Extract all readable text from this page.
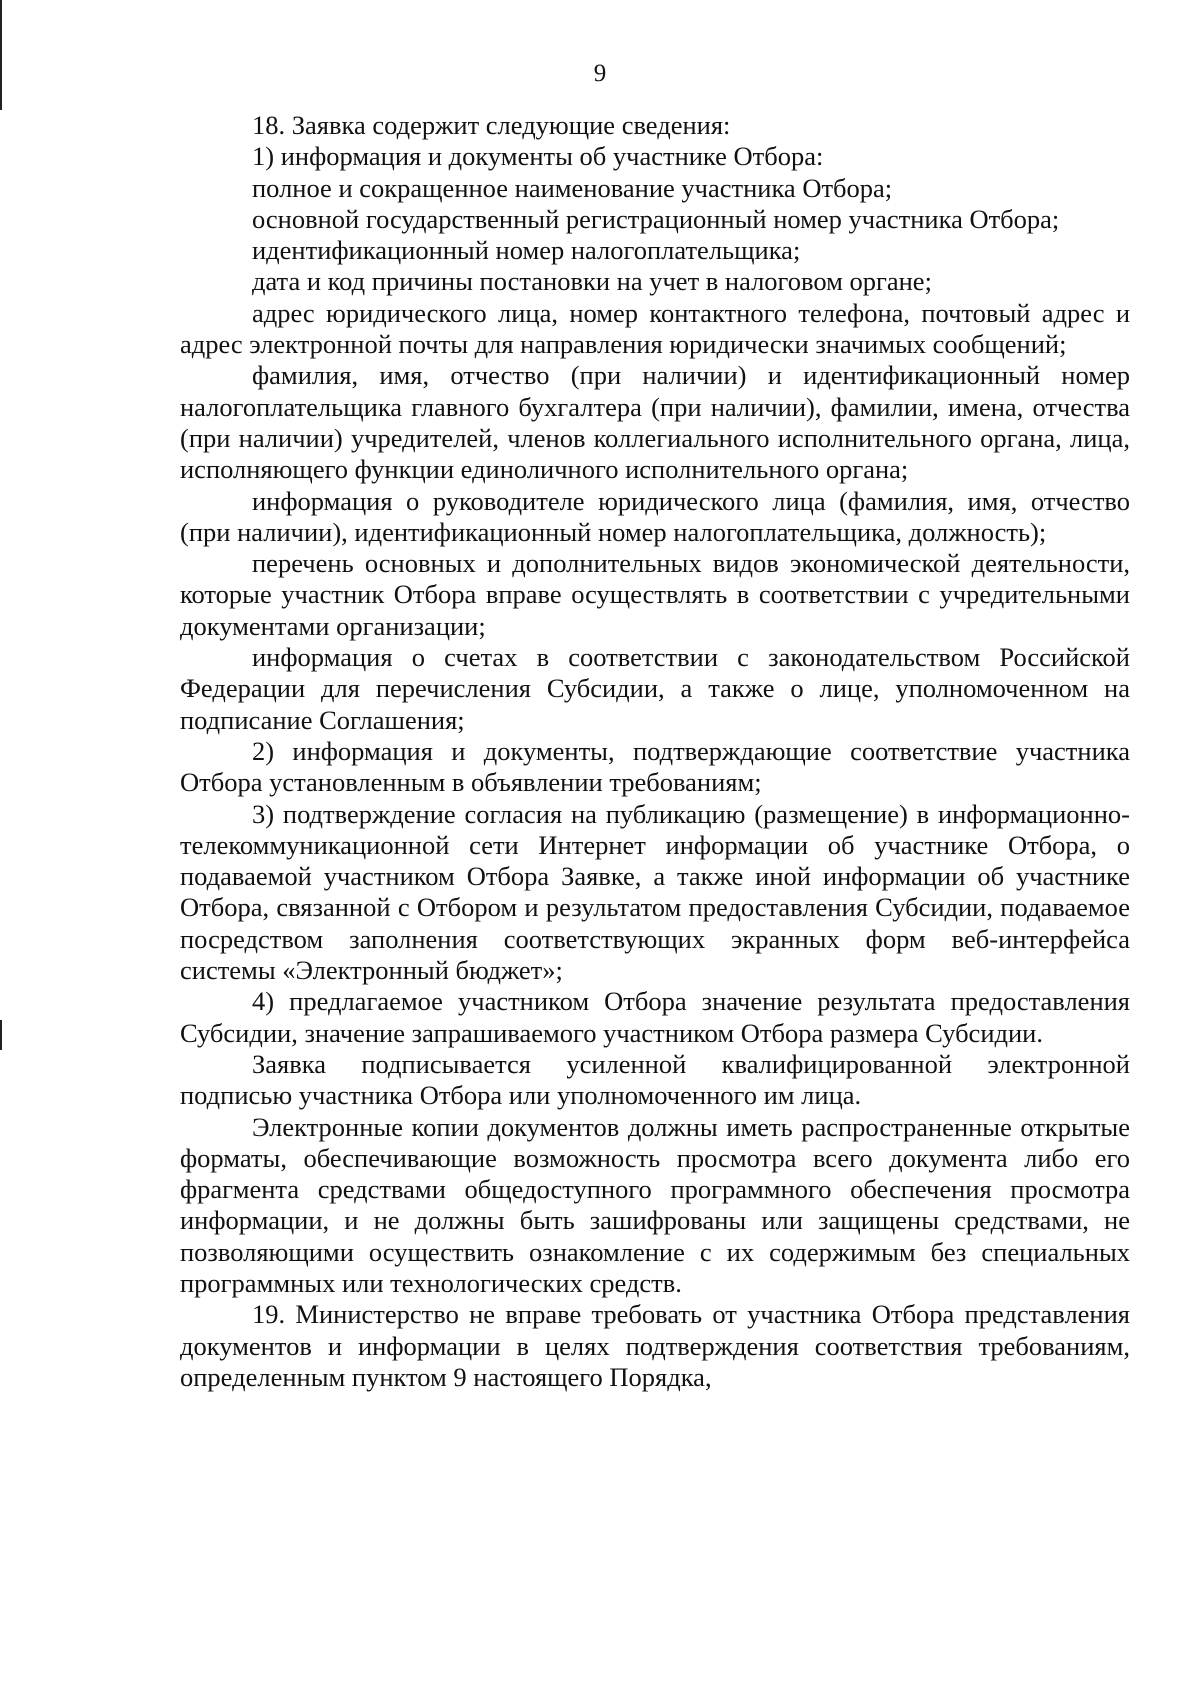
9

18. Заявка содержит следующие сведения:

1) информация и документы об участнике Отбора:

полное и сокращенное наименование участника Отбора;

основной государственный регистрационный номер участника Отбора;

идентификационный номер налогоплательщика;

дата и код причины постановки на учет в налоговом органе;

адрес юридического лица, номер контактного телефона, почтовый адрес и адрес электронной почты для направления юридически значимых сообщений;

фамилия, имя, отчество (при наличии) и идентификационный номер налогоплательщика главного бухгалтера (при наличии), фамилии, имена, отчества (при наличии) учредителей, членов коллегиального исполнительного органа, лица, исполняющего функции единоличного исполнительного органа;

информация о руководителе юридического лица (фамилия, имя, отчество (при наличии), идентификационный номер налогоплательщика, должность);

перечень основных и дополнительных видов экономической деятельности, которые участник Отбора вправе осуществлять в соответствии с учредительными документами организации;

информация о счетах в соответствии с законодательством Российской Федерации для перечисления Субсидии, а также о лице, уполномоченном на подписание Соглашения;

2) информация и документы, подтверждающие соответствие участника Отбора установленным в объявлении требованиям;

3) подтверждение согласия на публикацию (размещение) в информационно-телекоммуникационной сети Интернет информации об участнике Отбора, о подаваемой участником Отбора Заявке, а также иной информации об участнике Отбора, связанной с Отбором и результатом предоставления Субсидии, подаваемое посредством заполнения соответствующих экранных форм веб-интерфейса системы «Электронный бюджет»;

4) предлагаемое участником Отбора значение результата предоставления Субсидии, значение запрашиваемого участником Отбора размера Субсидии.

Заявка подписывается усиленной квалифицированной электронной подписью участника Отбора или уполномоченного им лица.

Электронные копии документов должны иметь распространенные открытые форматы, обеспечивающие возможность просмотра всего документа либо его фрагмента средствами общедоступного программного обеспечения просмотра информации, и не должны быть зашифрованы или защищены средствами, не позволяющими осуществить ознакомление с их содержимым без специальных программных или технологических средств.

19. Министерство не вправе требовать от участника Отбора представления документов и информации в целях подтверждения соответствия требованиям, определенным пунктом 9 настоящего Порядка,
